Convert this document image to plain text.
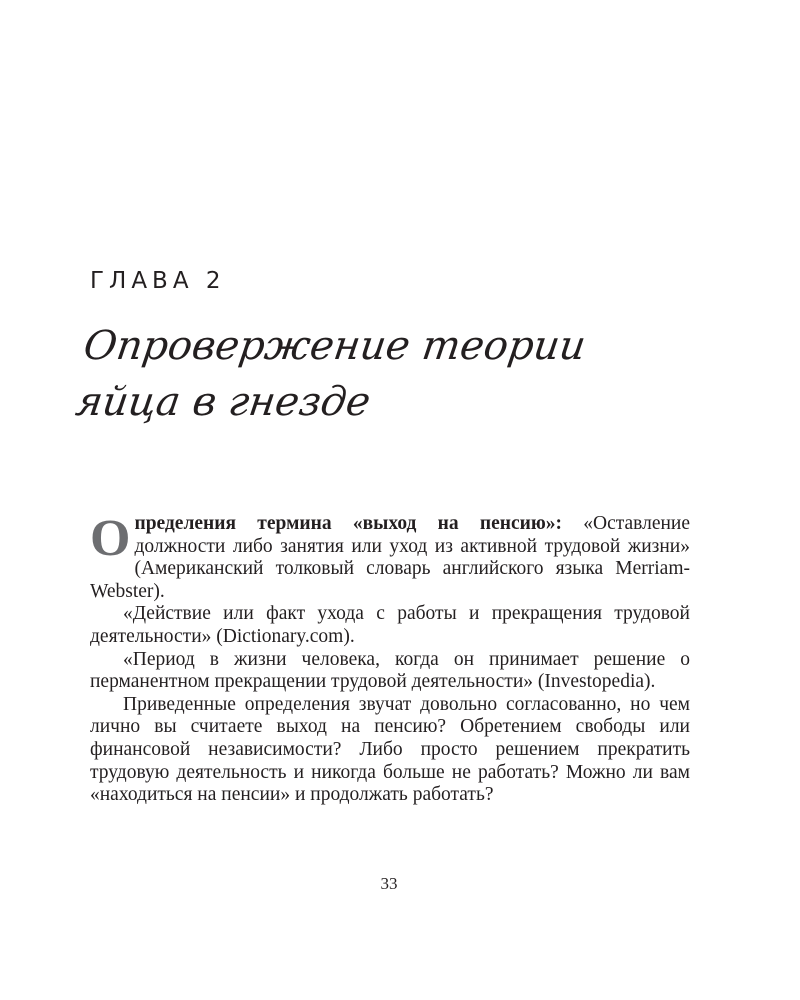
ГЛАВА 2
Опровержение теории
яйца в гнезде

О пределения термина «выход на пенсию»: «Оставление должности либо занятия или уход из активной трудовой жизни» (Американский толковый словарь английского языка Merriam-Webster).

«Действие или факт ухода с работы и прекращения трудовой деятельности» (Dictionary.com).

«Период в жизни человека, когда он принимает решение о перманентном прекращении трудовой деятельности» (Investopedia).

Приведенные определения звучат довольно согласованно, но чем лично вы считаете выход на пенсию? Обретением свободы или финансовой независимости? Либо просто решением прекратить трудовую деятельность и никогда больше не работать? Можно ли вам «находиться на пенсии» и продолжать работать?

33
